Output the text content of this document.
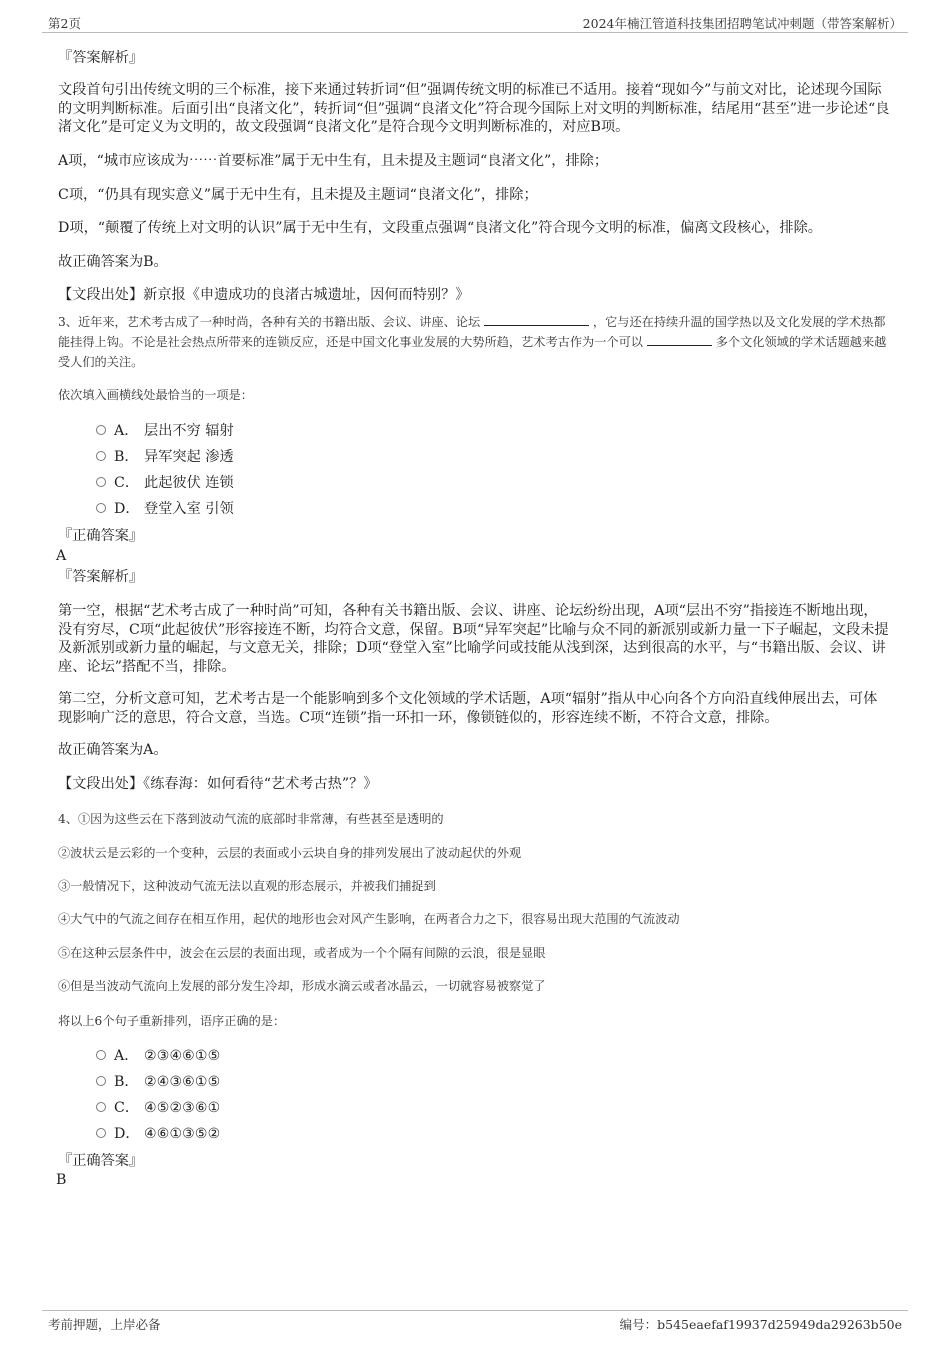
第2页	2024年楠江管道科技集团招聘笔试冲刺题（带答案解析）

『答案解析』

文段首句引出传统文明的三个标准，接下来通过转折词“但”强调传统文明的标准已不适用。接着“现如今”与前文对比，论述现今国际的文明判断标准。后面引出“良渚文化”，转折词“但”强调“良渚文化”符合现今国际上对文明的判断标准，结尾用“甚至”进一步论述“良渚文化”是可定义为文明的，故文段强调“良渚文化”是符合现今文明判断标准的，对应B项。

A项，“城市应该成为⋯⋯首要标准”属于无中生有，且未提及主题词“良渚文化”，排除；

C项，“仍具有现实意义”属于无中生有，且未提及主题词“良渚文化”，排除；

D项，“颠覆了传统上对文明的认识”属于无中生有，文段重点强调“良渚文化”符合现今文明的标准，偏离文段核心，排除。

故正确答案为B。

【文段出处】新京报《申遗成功的良渚古城遗址，因何而特别？》

3、近年来，艺术考古成了一种时尚，各种有关的书籍出版、会议、讲座、论坛	，它与还在持续升温的国学热以及文化发展的学术热都能挂得上钩。不论是社会热点所带来的连锁反应，还是中国文化事业发展的大势所趋，艺术考古作为一个可以	多个文化领域的学术话题越来越受人们的关注。

依次填入画横线处最恰当的一项是：

A． 层出不穷 辐射
B． 异军突起 渗透
C． 此起彼伏 连锁
D． 登堂入室 引领

『正确答案』

A

『答案解析』

第一空，根据“艺术考古成了一种时尚”可知，各种有关书籍出版、会议、讲座、论坛纷纷出现，A项“层出不穷”指接连不断地出现，没有穷尽，C项“此起彼伏”形容接连不断，均符合文意，保留。B项“异军突起”比喻与众不同的新派别或新力量一下子崛起，文段未提及新派别或新力量的崛起，与文意无关，排除；D项“登堂入室”比喻学问或技能从浅到深，达到很高的水平，与“书籍出版、会议、讲座、论坛”搭配不当，排除。

第二空，分析文意可知，艺术考古是一个能影响到多个文化领域的学术话题，A项“辐射”指从中心向各个方向沿直线伸展出去，可体现影响广泛的意思，符合文意，当选。C项“连锁”指一环扣一环，像锁链似的，形容连续不断，不符合文意，排除。

故正确答案为A。

【文段出处】《练春海：如何看待“艺术考古热”？》

4、①因为这些云在下落到波动气流的底部时非常薄，有些甚至是透明的

②波状云是云彩的一个变种，云层的表面或小云块自身的排列发展出了波动起伏的外观

③一般情况下，这种波动气流无法以直观的形态展示，并被我们捕捉到

④大气中的气流之间存在相互作用，起伏的地形也会对风产生影响，在两者合力之下，很容易出现大范围的气流波动

⑤在这种云层条件中，波会在云层的表面出现，或者成为一个个隔有间隙的云浪，很是显眼

⑥但是当波动气流向上发展的部分发生冷却，形成水滴云或者冰晶云，一切就容易被察觉了

将以上6个句子重新排列，语序正确的是：

A． ②③④⑥①⑤
B． ②④③⑥①⑤
C． ④⑤②③⑥①
D． ④⑥①③⑤②

『正确答案』

B

考前押题，上岸必备	编号：b545eaefaf19937d25949da29263b50e
